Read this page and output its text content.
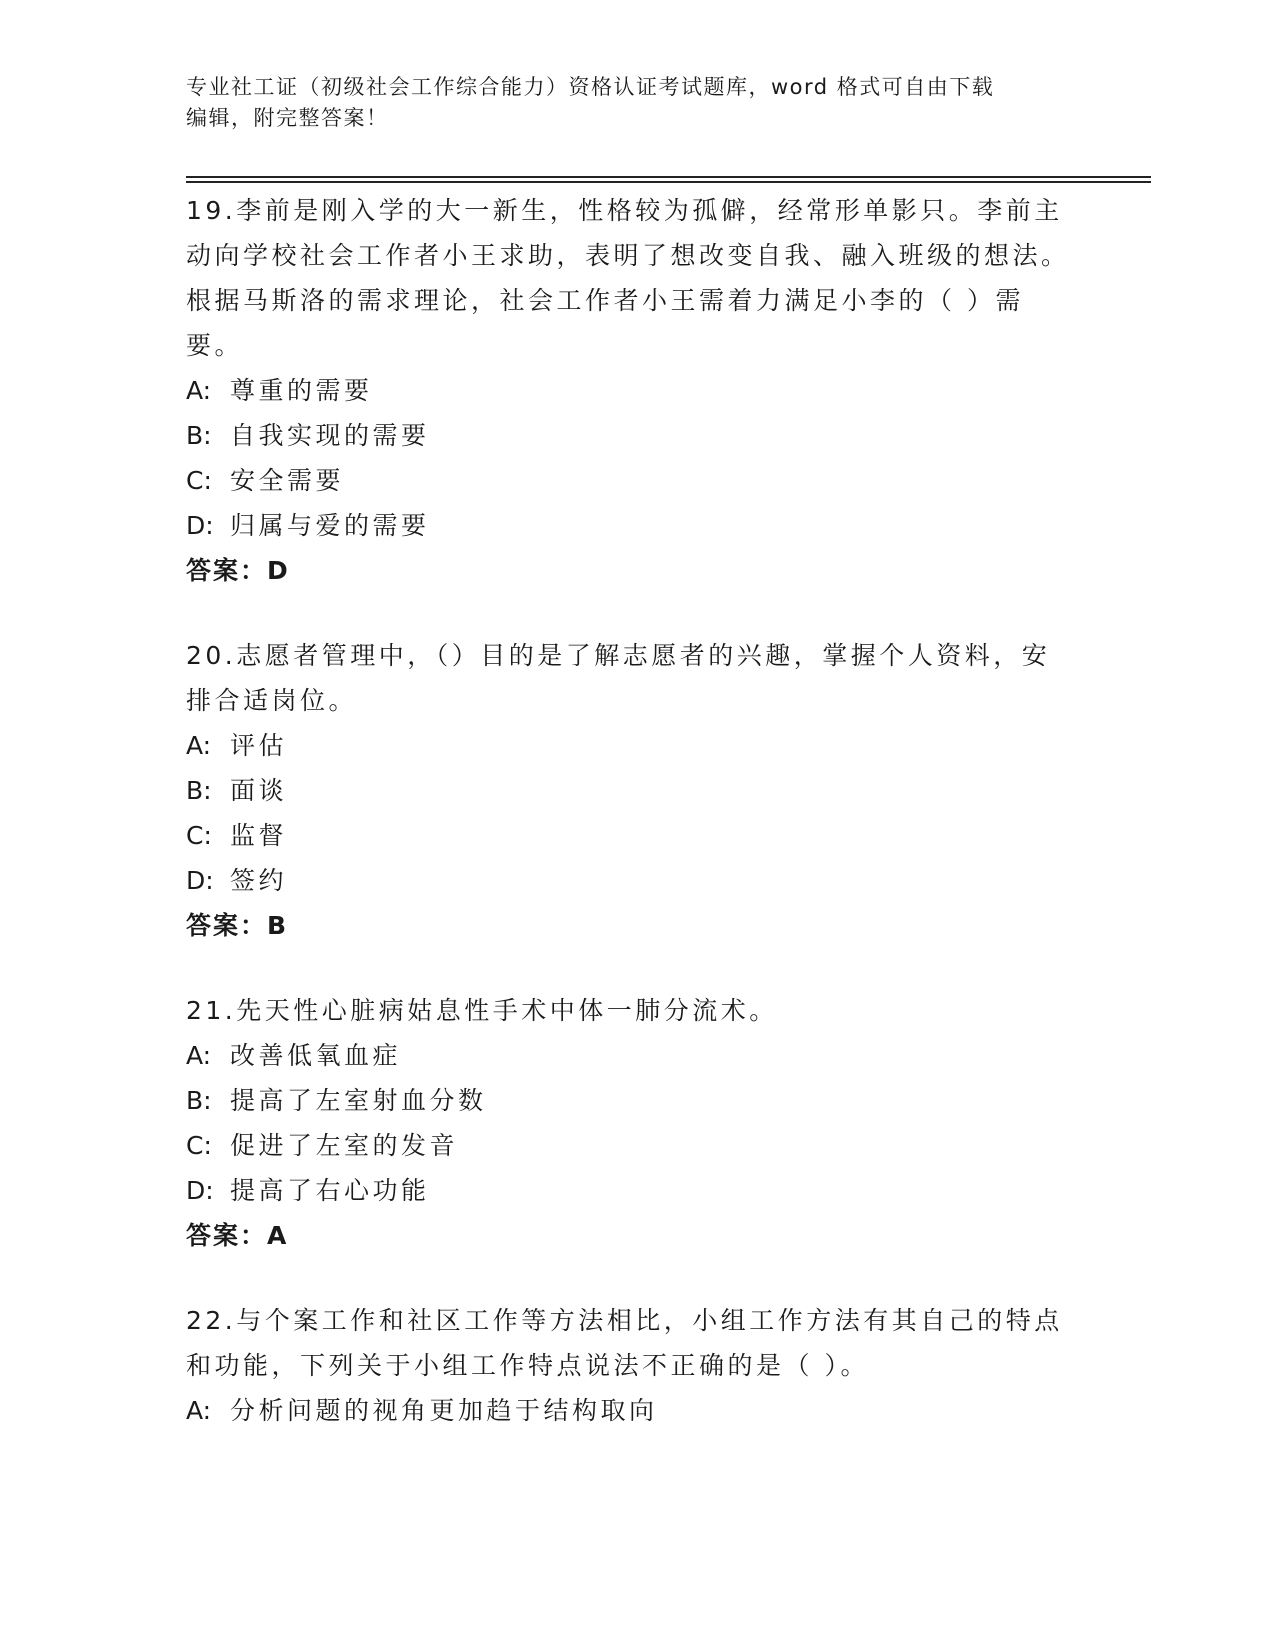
专业社工证（初级社会工作综合能力）资格认证考试题库，word 格式可自由下载
编辑，附完整答案！
19.李前是刚入学的大一新生，性格较为孤僻，经常形单影只。李前主动向学校社会工作者小王求助，表明了想改变自我、融入班级的想法。根据马斯洛的需求理论，社会工作者小王需着力满足小李的（ ）需要。
A: 尊重的需要
B: 自我实现的需要
C: 安全需要
D: 归属与爱的需要
答案：D
20.志愿者管理中，（）目的是了解志愿者的兴趣，掌握个人资料，安排合适岗位。
A: 评估
B: 面谈
C: 监督
D: 签约
答案：B
21.先天性心脏病姑息性手术中体一肺分流术。
A: 改善低氧血症
B: 提高了左室射血分数
C: 促进了左室的发音
D: 提高了右心功能
答案：A
22.与个案工作和社区工作等方法相比，小组工作方法有其自己的特点和功能，下列关于小组工作特点说法不正确的是（ ）。
A: 分析问题的视角更加趋于结构取向
